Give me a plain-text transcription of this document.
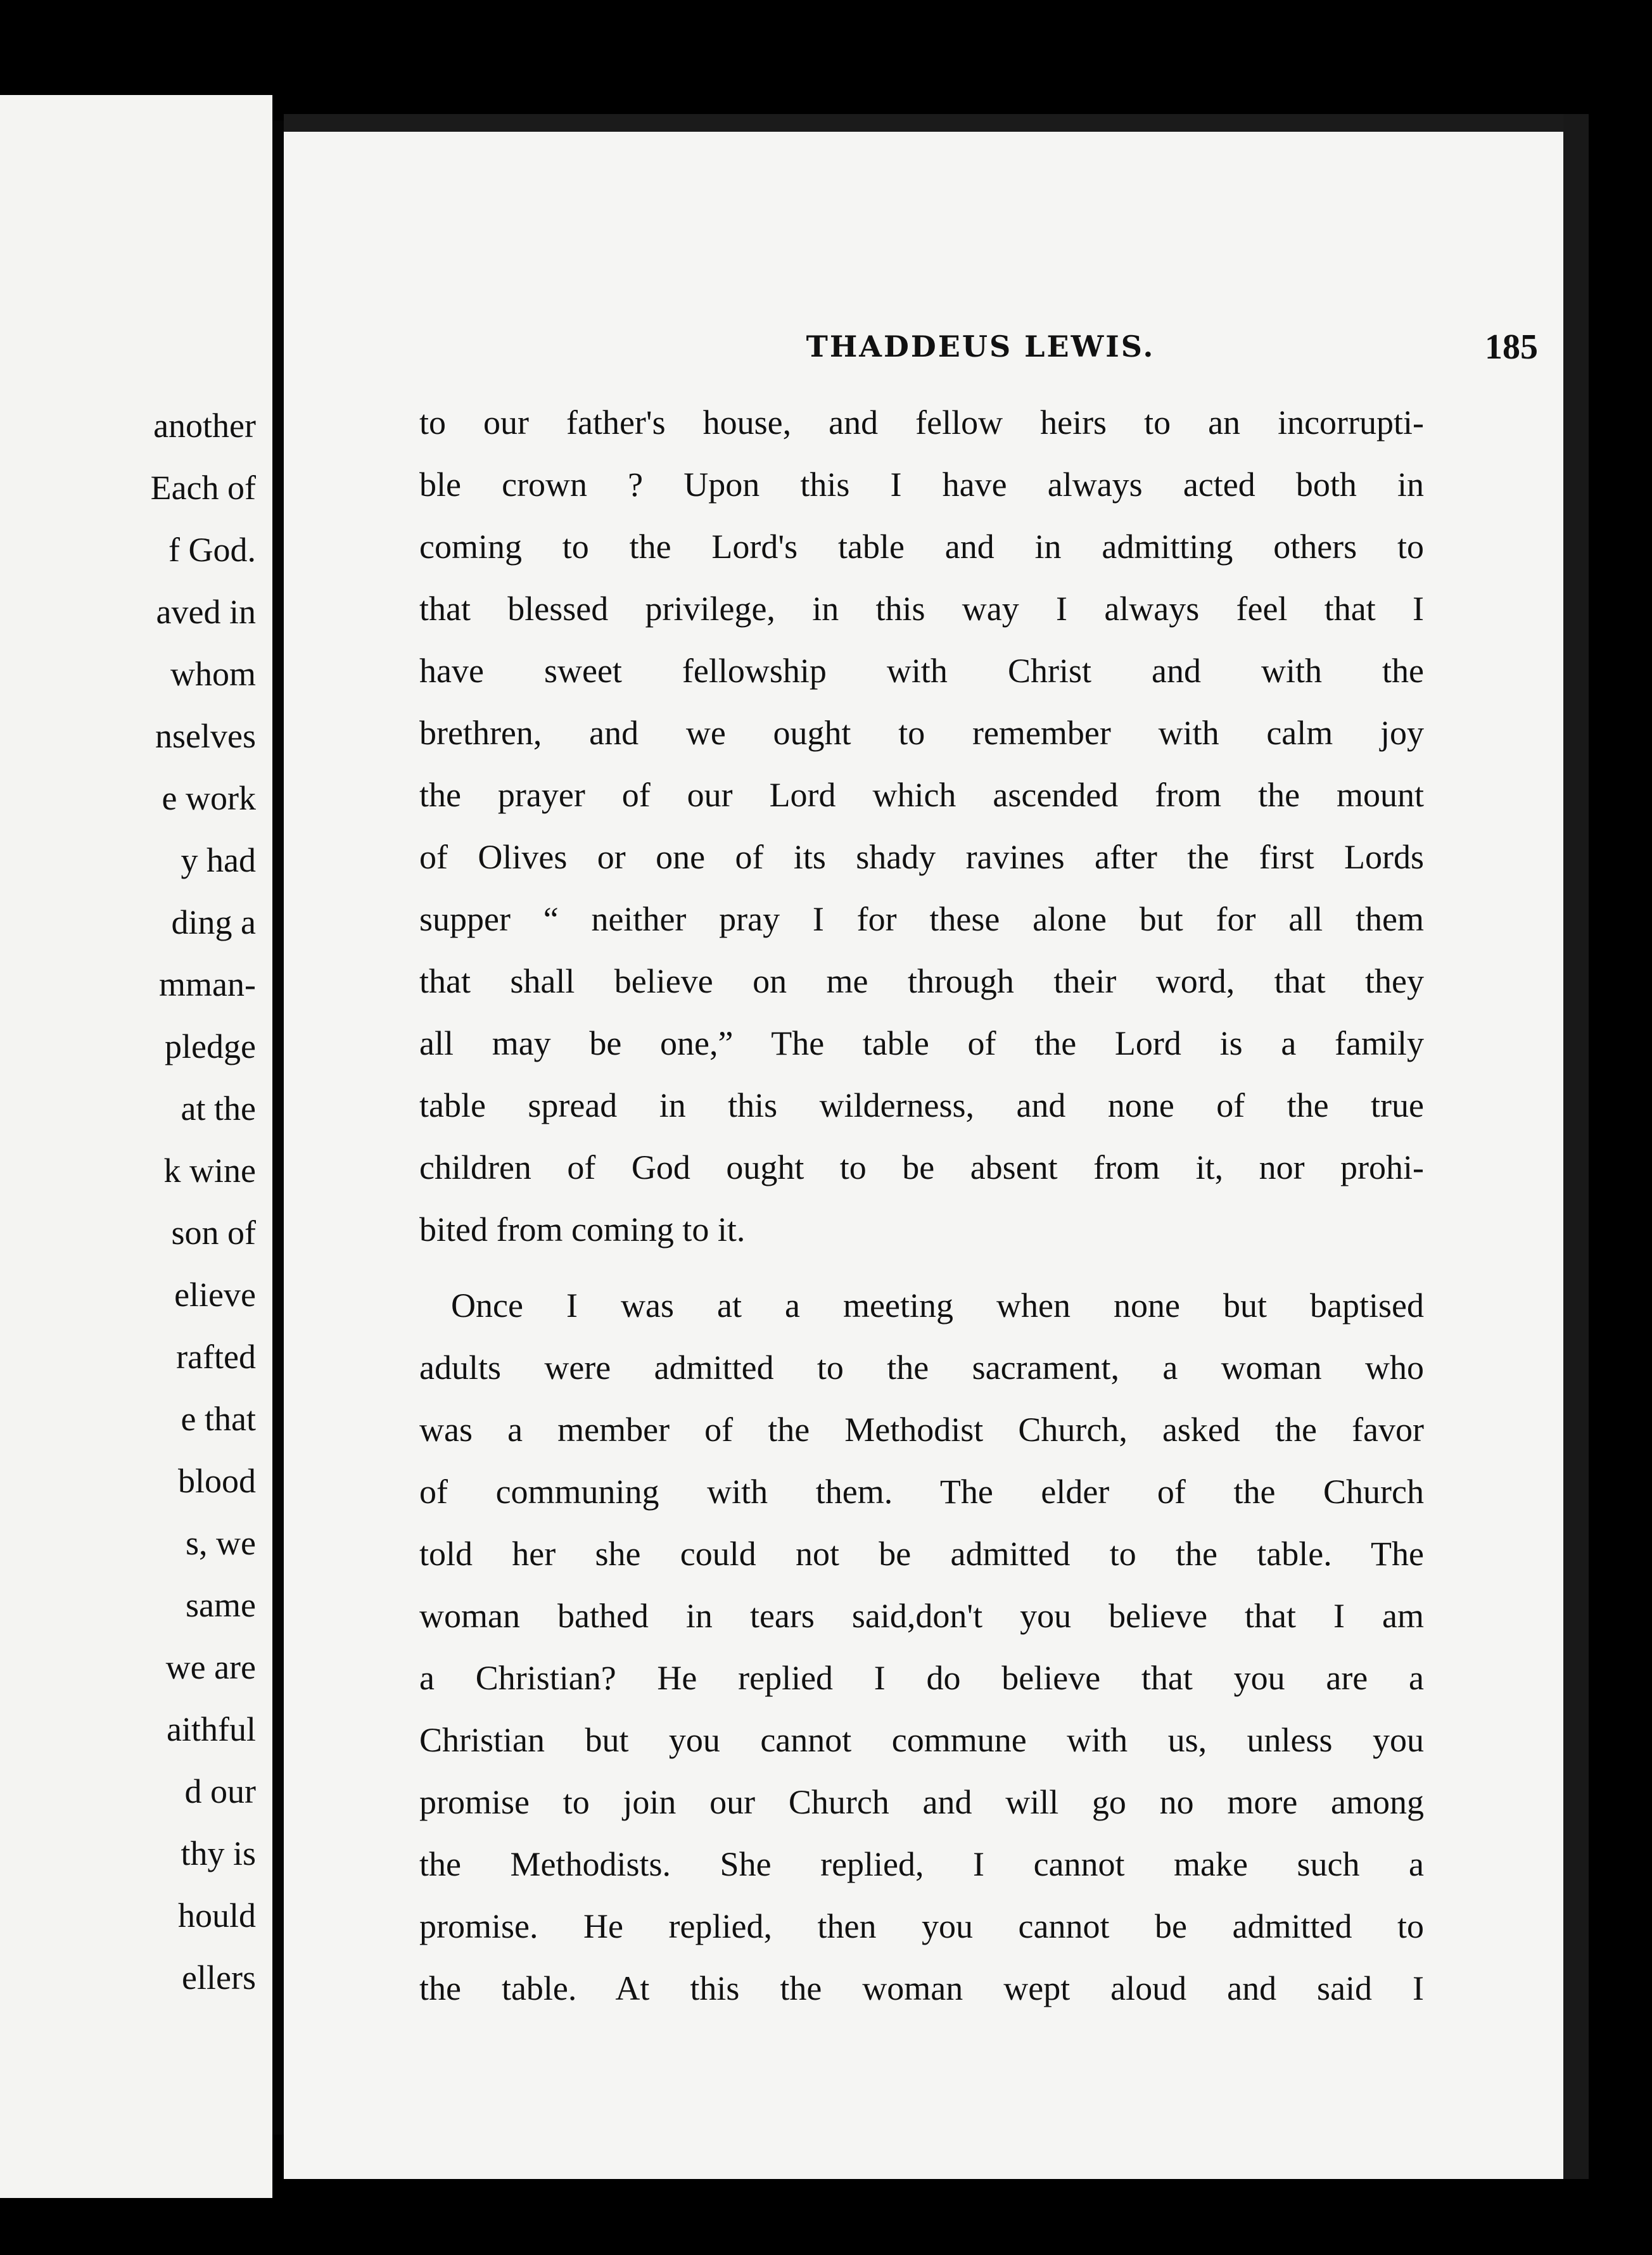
another

Each of

f God.

aved in

whom

nselves

e work

y had

ding a

mman-

pledge

at the

k wine

son of

elieve

rafted

e that

blood

s, we

same

we are

aithful

d our

thy is

hould

ellers

THADDEUS LEWIS.	185

to our father's house, and fellow heirs to an incorrupti-

ble crown ? Upon this I have always acted both in

coming to the Lord's table and in admitting others to

that blessed privilege, in this way I always feel that I

have sweet fellowship with Christ and with the

brethren, and we ought to remember with calm joy

the prayer of our Lord which ascended from the mount

of Olives or one of its shady ravines after the first Lords

supper “ neither pray I for these alone but for all them

that shall believe on me through their word, that they

all may be one,” The table of the Lord is a family

table spread in this wilderness, and none of the true

children of God ought to be absent from it, nor prohi-

bited from coming to it.

Once I was at a meeting when none but baptised

adults were admitted to the sacrament, a woman who

was a member of the Methodist Church, asked the favor

of communing with them. The elder of the Church

told her she could not be admitted to the table. The

woman bathed in tears said,don't you believe that I am

a Christian? He replied I do believe that you are a

Christian but you cannot commune with us, unless you

promise to join our Church and will go no more among

the Methodists. She replied, I cannot make such a

promise. He replied, then you cannot be admitted to

the table. At this the woman wept aloud and said I
